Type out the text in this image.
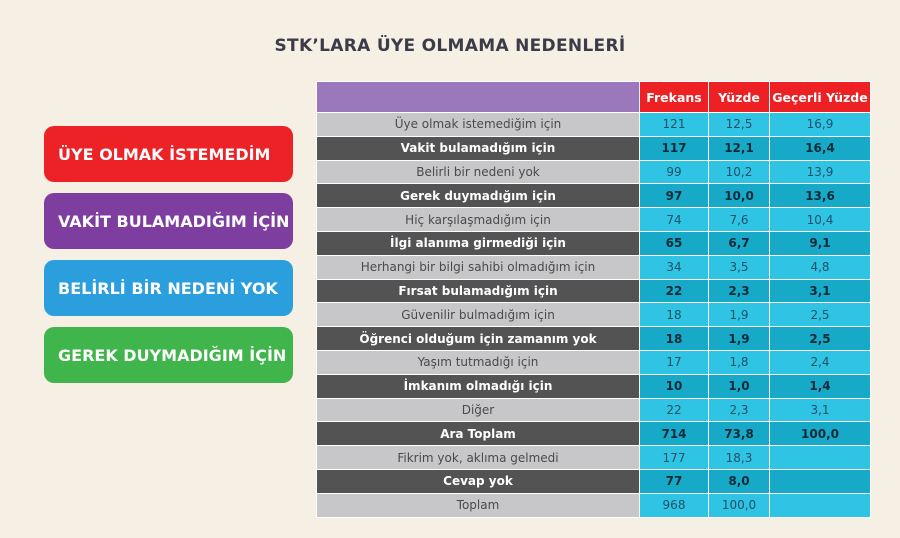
STK’LARA ÜYE OLMAMA NEDENLERİ
ÜYE OLMAK İSTEMEDİM
VAKİT BULAMADIĞIM İÇİN
BELİRLİ BİR NEDENİ YOK
GEREK DUYMADIĞIM İÇİN
	Frekans	Yüzde	Geçerli Yüzde
Üye olmak istemediğim için	121	12,5	16,9
Vakit bulamadığım için	117	12,1	16,4
Belirli bir nedeni yok	99	10,2	13,9
Gerek duymadığım için	97	10,0	13,6
Hiç karşılaşmadığım için	74	7,6	10,4
İlgi alanıma girmediği için	65	6,7	9,1
Herhangi bir bilgi sahibi olmadığım için	34	3,5	4,8
Fırsat bulamadığım için	22	2,3	3,1
Güvenilir bulmadığım için	18	1,9	2,5
Öğrenci olduğum için zamanım yok	18	1,9	2,5
Yaşım tutmadığı için	17	1,8	2,4
İmkanım olmadığı için	10	1,0	1,4
Diğer	22	2,3	3,1
Ara Toplam	714	73,8	100,0
Fikrim yok, aklıma gelmedi	177	18,3	
Cevap yok	77	8,0	
Toplam	968	100,0	
